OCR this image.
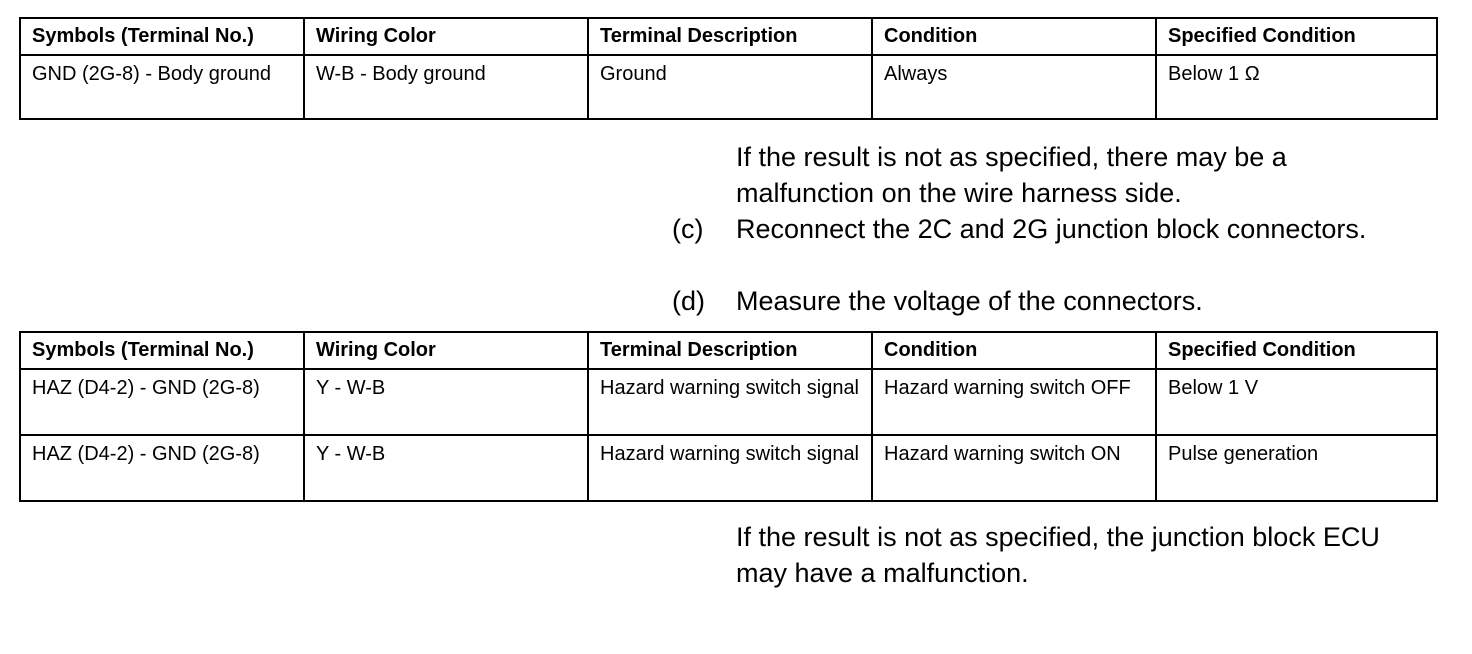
Symbols (Terminal No.)	Wiring Color	Terminal Description	Condition	Specified Condition
GND (2G-8) - Body ground	W-B - Body ground	Ground	Always	Below 1 Ω

If the result is not as specified, there may be a malfunction on the wire harness side.

(c) Reconnect the 2C and 2G junction block connectors.

(d) Measure the voltage of the connectors.

Symbols (Terminal No.)	Wiring Color	Terminal Description	Condition	Specified Condition
HAZ (D4-2) - GND (2G-8)	Y - W-B	Hazard warning switch signal	Hazard warning switch OFF	Below 1 V
HAZ (D4-2) - GND (2G-8)	Y - W-B	Hazard warning switch signal	Hazard warning switch ON	Pulse generation

If the result is not as specified, the junction block ECU may have a malfunction.
